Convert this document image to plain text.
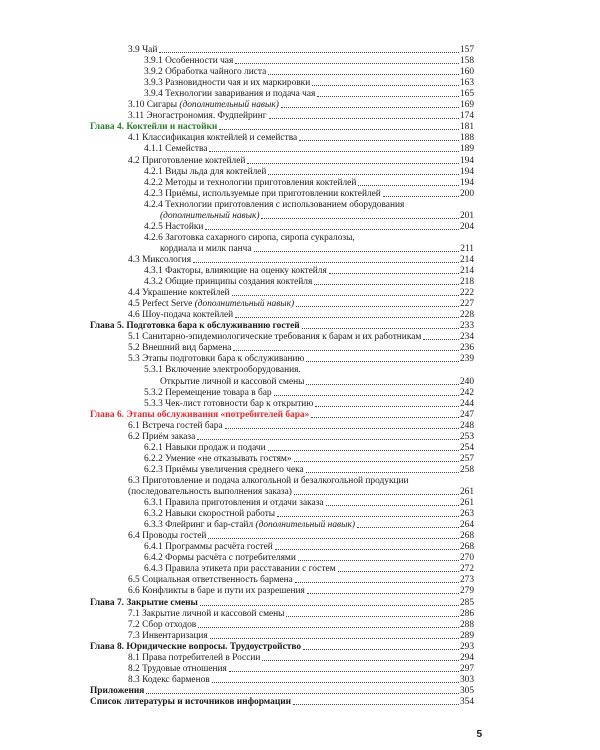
3.9 Чай	157
3.9.1 Особенности чая	158
3.9.2 Обработка чайного листа	160
3.9.3 Разновидности чая и их маркировки	163
3.9.4 Технологии заваривания и подача чая	165
3.10 Сигары (дополнительный навык)	169
3.11 Эногастрономия. Фудпейринг	174
Глава 4. Коктейли и настойки	181
4.1 Классификация коктейлей и семейства	188
4.1.1 Семейства	189
4.2 Приготовление коктейлей	194
4.2.1 Виды льда для коктейлей	194
4.2.2 Методы и технологии приготовления коктейлей	194
4.2.3 Приёмы, используемые при приготовлении коктейлей	200
4.2.4 Технологии приготовления с использованием оборудования
(дополнительный навык)	201
4.2.5 Настойки	204
4.2.6 Заготовка сахарного сиропа, сиропа сукралозы,
кордиала и милк панча	211
4.3 Миксология	214
4.3.1 Факторы, влияющие на оценку коктейля	214
4.3.2 Общие принципы создания коктейля	218
4.4 Украшение коктейлей	222
4.5 Perfect Serve (дополнительный навык)	227
4.6 Шоу-подача коктейлей	228
Глава 5. Подготовка бара к обслуживанию гостей	233
5.1 Санитарно-эпидемиологические требования к барам и их работникам	234
5.2 Внешний вид бармена	236
5.3 Этапы подготовки бара к обслуживанию	239
5.3.1 Включение электрооборудования.
Открытие личной и кассовой смены	240
5.3.2 Перемещение товара в бар	242
5.3.3 Чек-лист готовности бар к открытию	244
Глава 6. Этапы обслуживания «потребителей бара»	247
6.1 Встреча гостей бара	248
6.2 Приём заказа	253
6.2.1 Навыки продаж и подачи	254
6.2.2 Умение «не отказывать гостям»	257
6.2.3 Приёмы увеличения среднего чека	258
6.3 Приготовление и подача алкогольной и безалкогольной продукции
(последовательность выполнения заказа)	261
6.3.1 Правила приготовления и отдачи заказа	261
6.3.2 Навыки скоростной работы	263
6.3.3 Флейринг и бар-стайл (дополнительный навык)	264
6.4 Проводы гостей	268
6.4.1 Программы расчёта гостей	268
6.4.2 Формы расчёта с потребителями	270
6.4.3 Правила этикета при расставании с гостем	272
6.5 Социальная ответственность бармена	273
6.6 Конфликты в баре и пути их разрешения	279
Глава 7. Закрытие смены	285
7.1 Закрытие личной и кассовой смены	286
7.2 Сбор отходов	288
7.3 Инвентаризация	289
Глава 8. Юридические вопросы. Трудоустройство	293
8.1 Права потребителей в России	294
8.2 Трудовые отношения	297
8.3 Кодекс барменов	303
Приложения	305
Список литературы и источников информации	354
5
